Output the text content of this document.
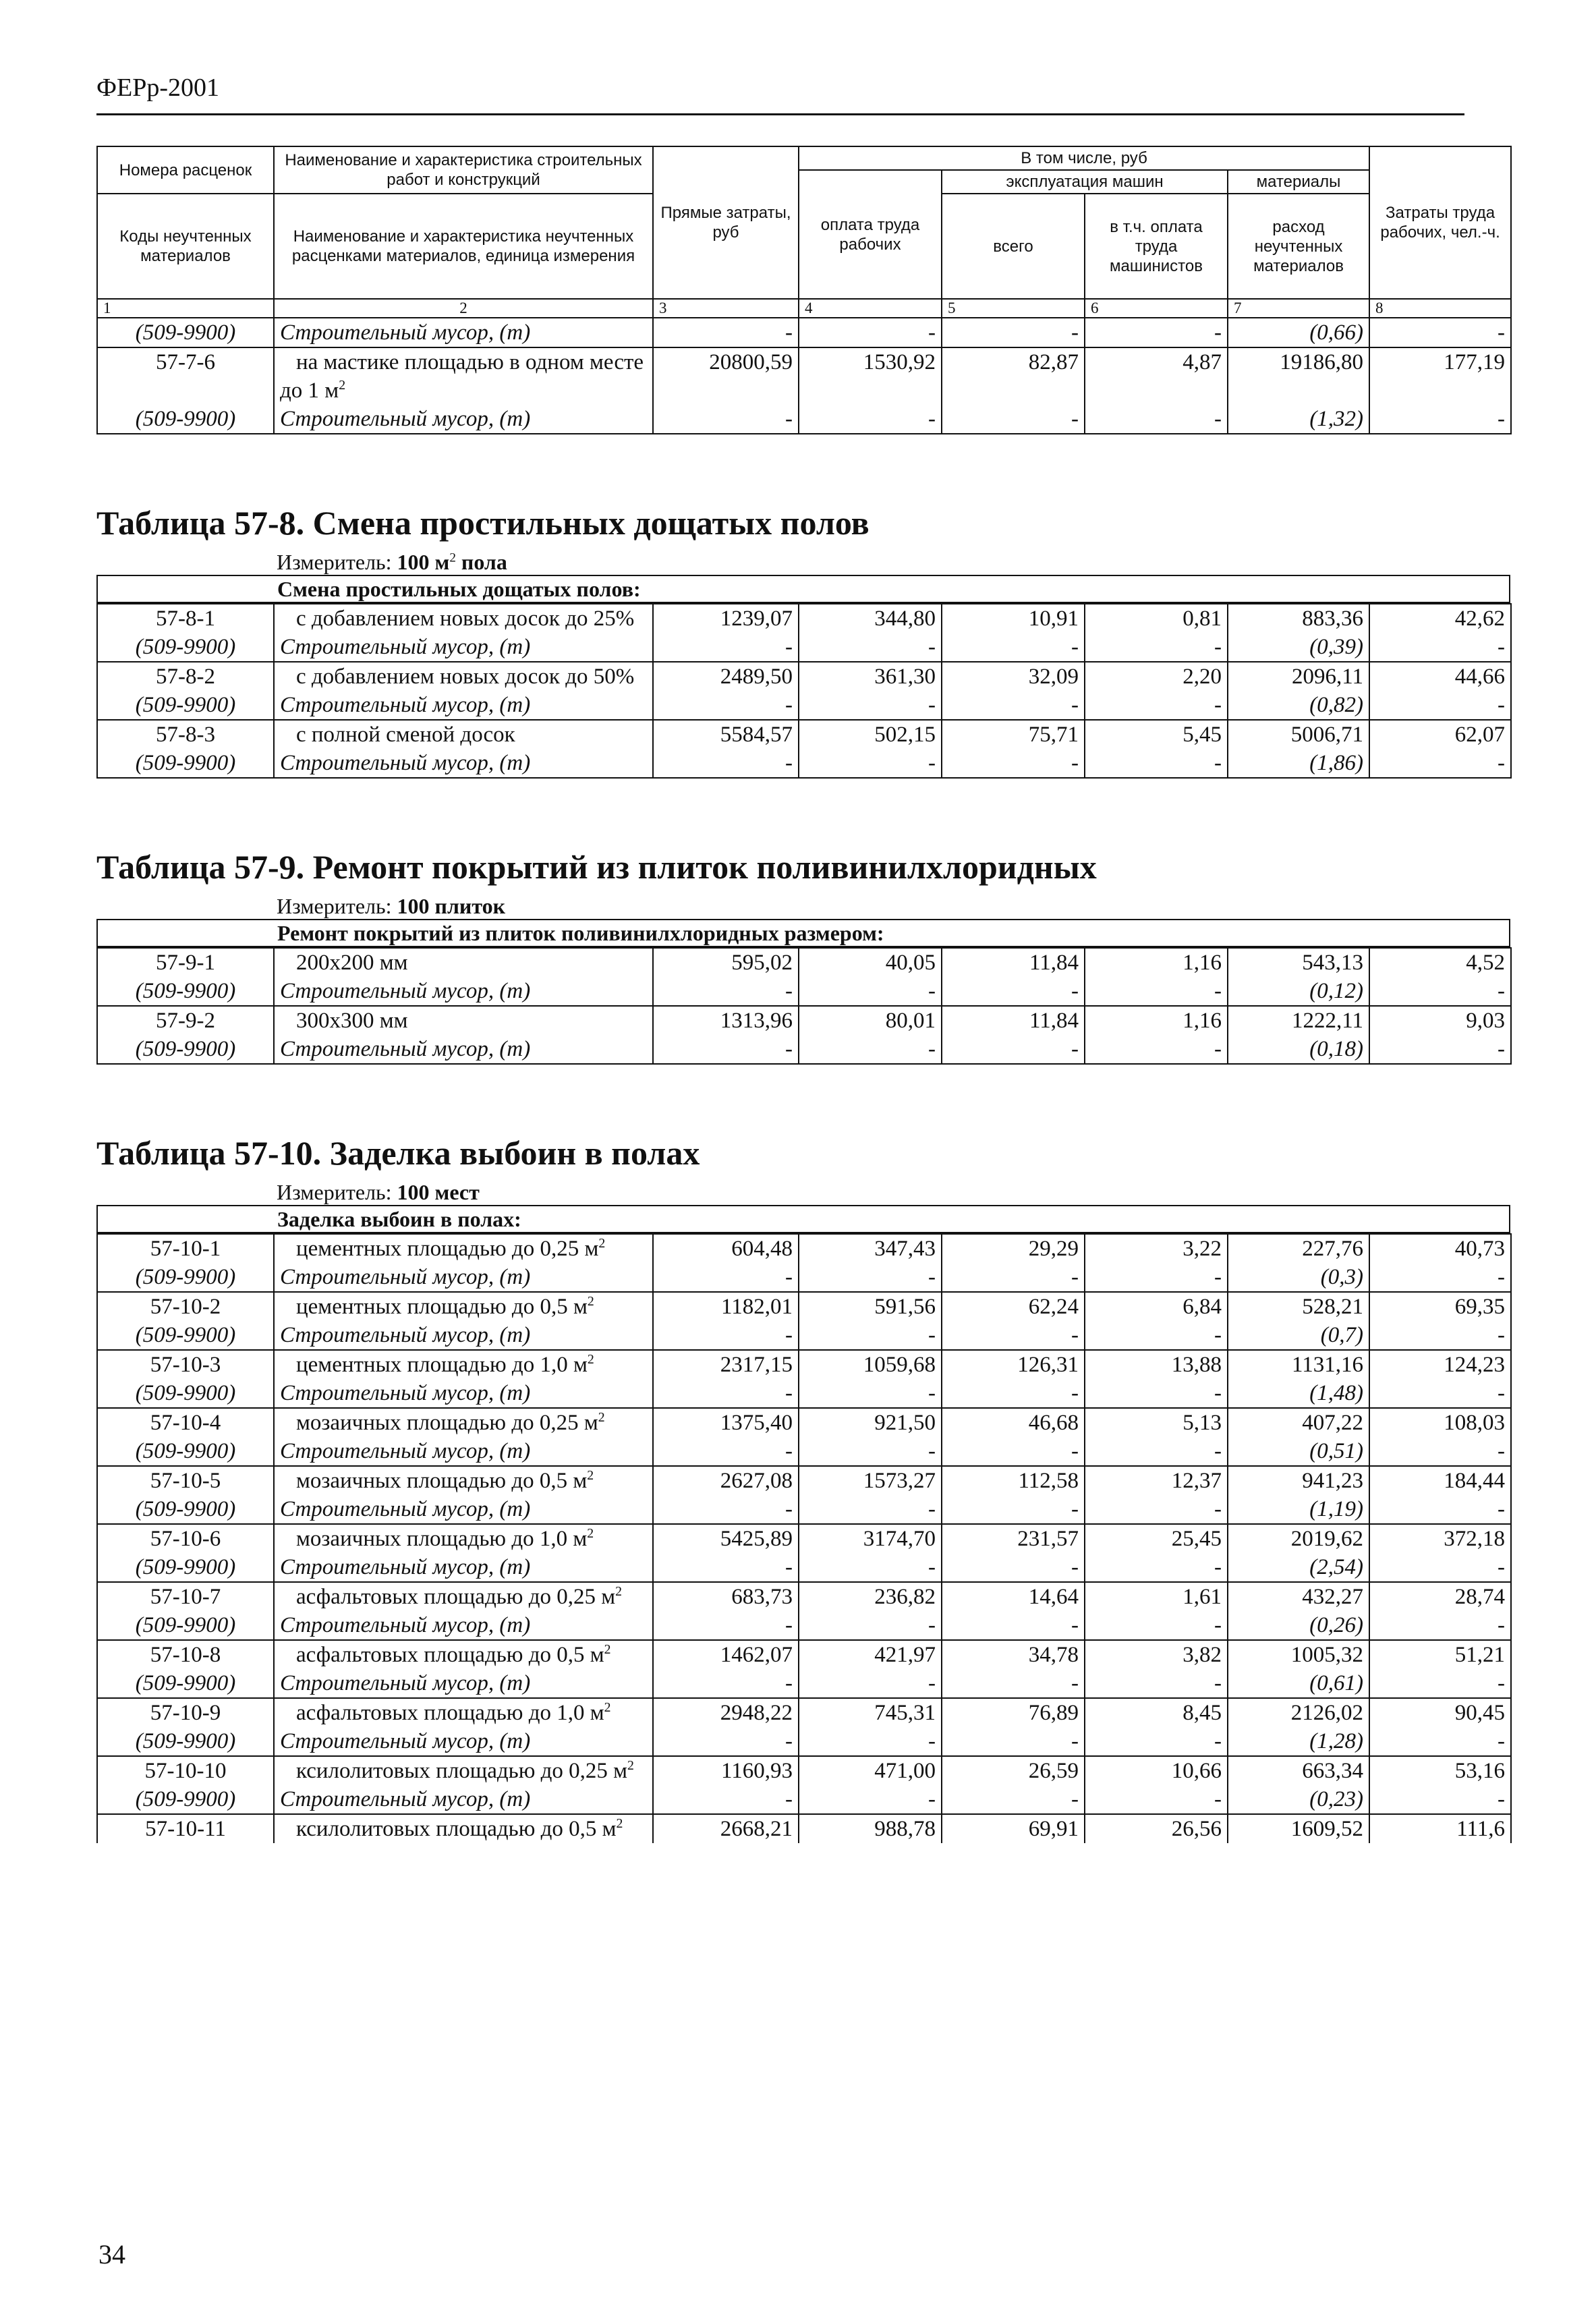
ФЕРр-2001
Номера расценок	Наименование и характеристика строительных работ и конструкций	Прямые затраты, руб	В том числе, руб				Затраты труда рабочих, чел.-ч.
			оплата труда рабочих	эксплуатация машин		материалы	
Коды неучтенных материалов	Наименование и характеристика неучтенных расценками материалов, единица измерения			всего	в т.ч. оплата труда машинистов	расход неучтенных материалов	
1	2	3	4	5	6	7	8
(509-9900)	Строительный мусор, (т)	-	-	-	-	(0,66)	-
57-7-6	на мастике площадью в одном месте до 1 $м^2$	20800,59	1530,92	82,87	4,87	19186,80	177,19
(509-9900)	Строительный мусор, (т)	-	-	-	-	(1,32)	-
Таблица 57-8. Смена простильных дощатых полов
Измеритель: 100 $м^2$ пола
Смена простильных дощатых полов:
57-8-1	с добавлением новых досок до 25%	1239,07	344,80	10,91	0,81	883,36	42,62
(509-9900)	Строительный мусор, (т)	-	-	-	-	(0,39)	-
57-8-2	с добавлением новых досок до 50%	2489,50	361,30	32,09	2,20	2096,11	44,66
(509-9900)	Строительный мусор, (т)	-	-	-	-	(0,82)	-
57-8-3	с полной сменой досок	5584,57	502,15	75,71	5,45	5006,71	62,07
(509-9900)	Строительный мусор, (т)	-	-	-	-	(1,86)	-
Таблица 57-9. Ремонт покрытий из плиток поливинилхлоридных
Измеритель: 100 плиток
Ремонт покрытий из плиток поливинилхлоридных размером:
57-9-1	200х200 мм	595,02	40,05	11,84	1,16	543,13	4,52
(509-9900)	Строительный мусор, (т)	-	-	-	-	(0,12)	-
57-9-2	300х300 мм	1313,96	80,01	11,84	1,16	1222,11	9,03
(509-9900)	Строительный мусор, (т)	-	-	-	-	(0,18)	-
Таблица 57-10. Заделка выбоин в полах
Измеритель: 100 мест
Заделка выбоин в полах:
57-10-1	цементных площадью до 0,25 $м^2$	604,48	347,43	29,29	3,22	227,76	40,73
(509-9900)	Строительный мусор, (т)	-	-	-	-	(0,3)	-
57-10-2	цементных площадью до 0,5 $м^2$	1182,01	591,56	62,24	6,84	528,21	69,35
(509-9900)	Строительный мусор, (т)	-	-	-	-	(0,7)	-
57-10-3	цементных площадью до 1,0 $м^2$	2317,15	1059,68	126,31	13,88	1131,16	124,23
(509-9900)	Строительный мусор, (т)	-	-	-	-	(1,48)	-
57-10-4	мозаичных площадью до 0,25 $м^2$	1375,40	921,50	46,68	5,13	407,22	108,03
(509-9900)	Строительный мусор, (т)	-	-	-	-	(0,51)	-
57-10-5	мозаичных площадью до 0,5 $м^2$	2627,08	1573,27	112,58	12,37	941,23	184,44
(509-9900)	Строительный мусор, (т)	-	-	-	-	(1,19)	-
57-10-6	мозаичных площадью до 1,0 $м^2$	5425,89	3174,70	231,57	25,45	2019,62	372,18
(509-9900)	Строительный мусор, (т)	-	-	-	-	(2,54)	-
57-10-7	асфальтовых площадью до 0,25 $м^2$	683,73	236,82	14,64	1,61	432,27	28,74
(509-9900)	Строительный мусор, (т)	-	-	-	-	(0,26)	-
57-10-8	асфальтовых площадью до 0,5 $м^2$	1462,07	421,97	34,78	3,82	1005,32	51,21
(509-9900)	Строительный мусор, (т)	-	-	-	-	(0,61)	-
57-10-9	асфальтовых площадью до 1,0 $м^2$	2948,22	745,31	76,89	8,45	2126,02	90,45
(509-9900)	Строительный мусор, (т)	-	-	-	-	(1,28)	-
57-10-10	ксилолитовых площадью до 0,25 $м^2$	1160,93	471,00	26,59	10,66	663,34	53,16
(509-9900)	Строительный мусор, (т)	-	-	-	-	(0,23)	-
57-10-11	ксилолитовых площадью до 0,5 $м^2$	2668,21	988,78	69,91	26,56	1609,52	111,6
34
